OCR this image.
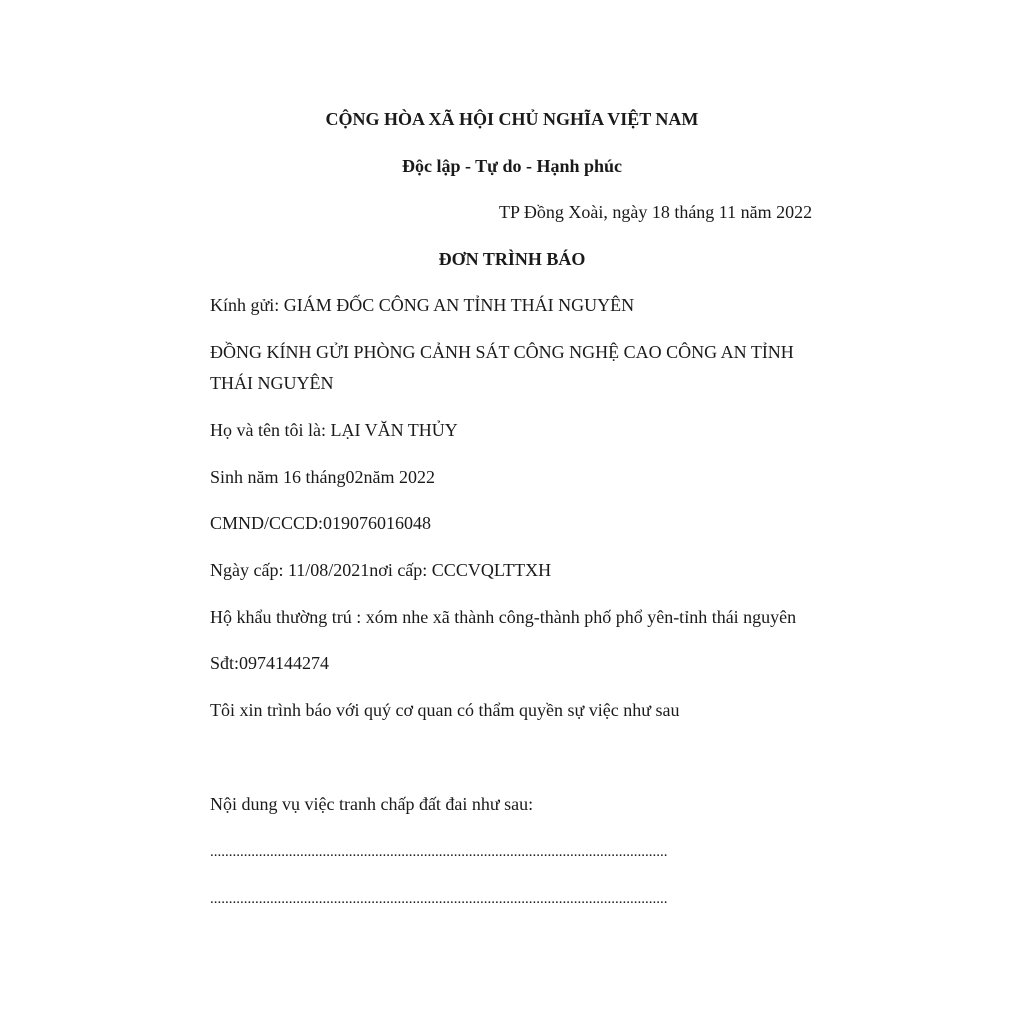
CỘNG HÒA XÃ HỘI CHỦ NGHĨA VIỆT NAM
Độc lập - Tự do - Hạnh phúc
TP Đồng Xoài, ngày 18 tháng 11 năm 2022
ĐƠN TRÌNH BÁO
Kính gửi: GIÁM ĐỐC CÔNG AN TỈNH THÁI NGUYÊN
ĐỒNG KÍNH GỬI PHÒNG CẢNH SÁT CÔNG NGHỆ CAO CÔNG AN TỈNH
THÁI NGUYÊN
Họ và tên tôi là: LẠI VĂN THỦY
Sinh năm 16 tháng02năm 2022
CMND/CCCD:019076016048
Ngày cấp: 11/08/2021nơi cấp: CCCVQLTTXH
Hộ khẩu thường trú : xóm nhe xã thành công-thành phố phổ yên-tỉnh thái nguyên
Sđt:0974144274
Tôi xin trình báo với quý cơ quan có thẩm quyền sự việc như sau
Nội dung vụ việc tranh chấp đất đai như sau:
..........................................................................................................................
..........................................................................................................................
